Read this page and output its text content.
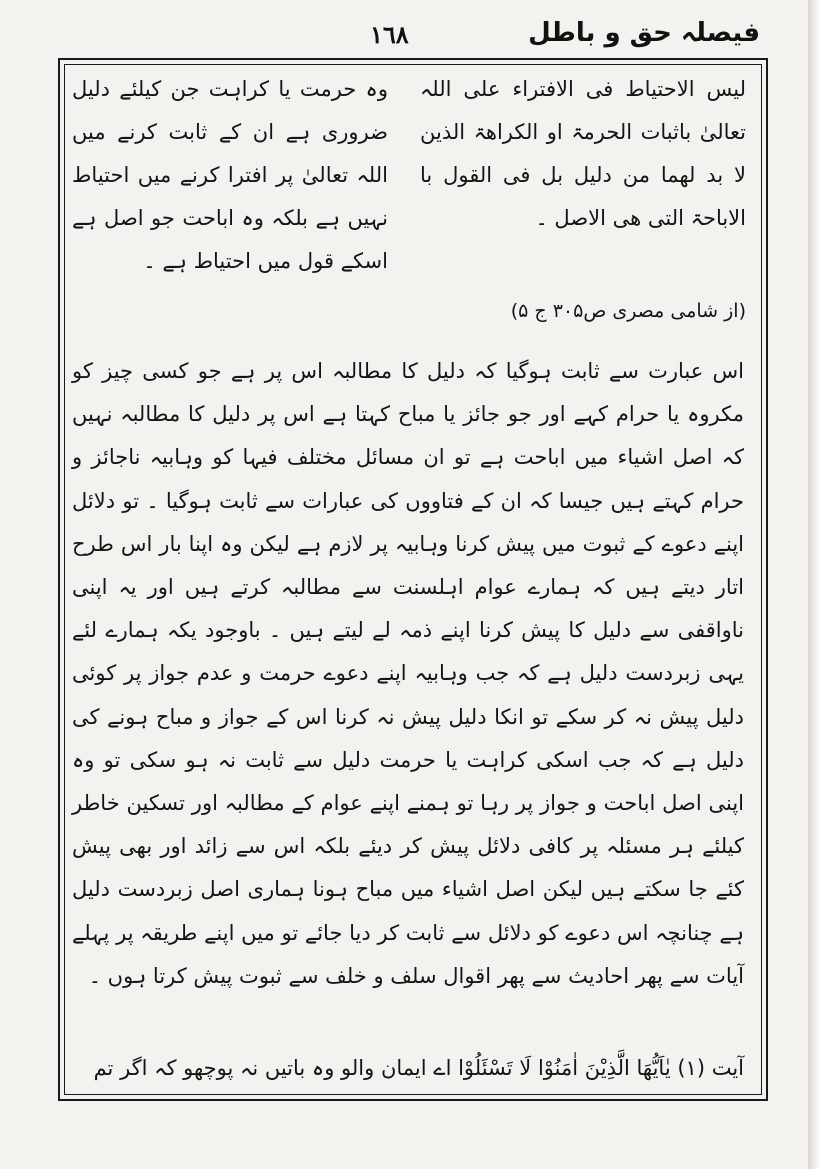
فیصلہ حق و باطل
١٦٨

لیس الاحتیاط فی الافتراء علی اللہ تعالیٰ باثبات الحرمۃ او الکراھۃ الذین لا بد لھما من دلیل بل فی القول با الاباحۃ التی ھی الاصل ۔

وہ حرمت یا کراہت جن کیلئے دلیل ضروری ہے ان کے ثابت کرنے میں اللہ تعالیٰ پر افترا کرنے میں احتیاط نہیں ہے بلکہ وہ اباحت جو اصل ہے اسکے قول میں احتیاط ہے ۔

(از شامی مصری ص۳۰۵ ج ۵)

اس عبارت سے ثابت ہوگیا کہ دلیل کا مطالبہ اس پر ہے جو کسی چیز کو مکروہ یا حرام کہے اور جو جائز یا مباح کہتا ہے اس پر دلیل کا مطالبہ نہیں کہ اصل اشیاء میں اباحت ہے تو ان مسائل مختلف فیہا کو وہابیہ ناجائز و حرام کہتے ہیں جیسا کہ ان کے فتاووں کی عبارات سے ثابت ہوگیا ۔ تو دلائل اپنے دعوے کے ثبوت میں پیش کرنا وہابیہ پر لازم ہے لیکن وہ اپنا بار اس طرح اتار دیتے ہیں کہ ہمارے عوام اہلسنت سے مطالبہ کرتے ہیں اور یہ اپنی ناواقفی سے دلیل کا پیش کرنا اپنے ذمہ لے لیتے ہیں ۔ باوجود یکہ ہمارے لئے یہی زبردست دلیل ہے کہ جب وہابیہ اپنے دعوے حرمت و عدم جواز پر کوئی دلیل پیش نہ کر سکے تو انکا دلیل پیش نہ کرنا اس کے جواز و مباح ہونے کی دلیل ہے کہ جب اسکی کراہت یا حرمت دلیل سے ثابت نہ ہو سکی تو وہ اپنی اصل اباحت و جواز پر رہا تو ہمنے اپنے عوام کے مطالبہ اور تسکین خاطر کیلئے ہر مسئلہ پر کافی دلائل پیش کر دیئے بلکہ اس سے زائد اور بھی پیش کئے جا سکتے ہیں لیکن اصل اشیاء میں مباح ہونا ہماری اصل زبردست دلیل ہے چنانچہ اس دعوے کو دلائل سے ثابت کر دیا جائے تو میں اپنے طریقہ پر پہلے آیات سے پھر احادیث سے پھر اقوال سلف و خلف سے ثبوت پیش کرتا ہوں ۔

آیت (۱) یٰاَیُّھَا الَّذِیْنَ اٰمَنُوْا لَا تَسْئَلُوْا اے ایمان والو وہ باتیں نہ پوچھو کہ اگر تم
